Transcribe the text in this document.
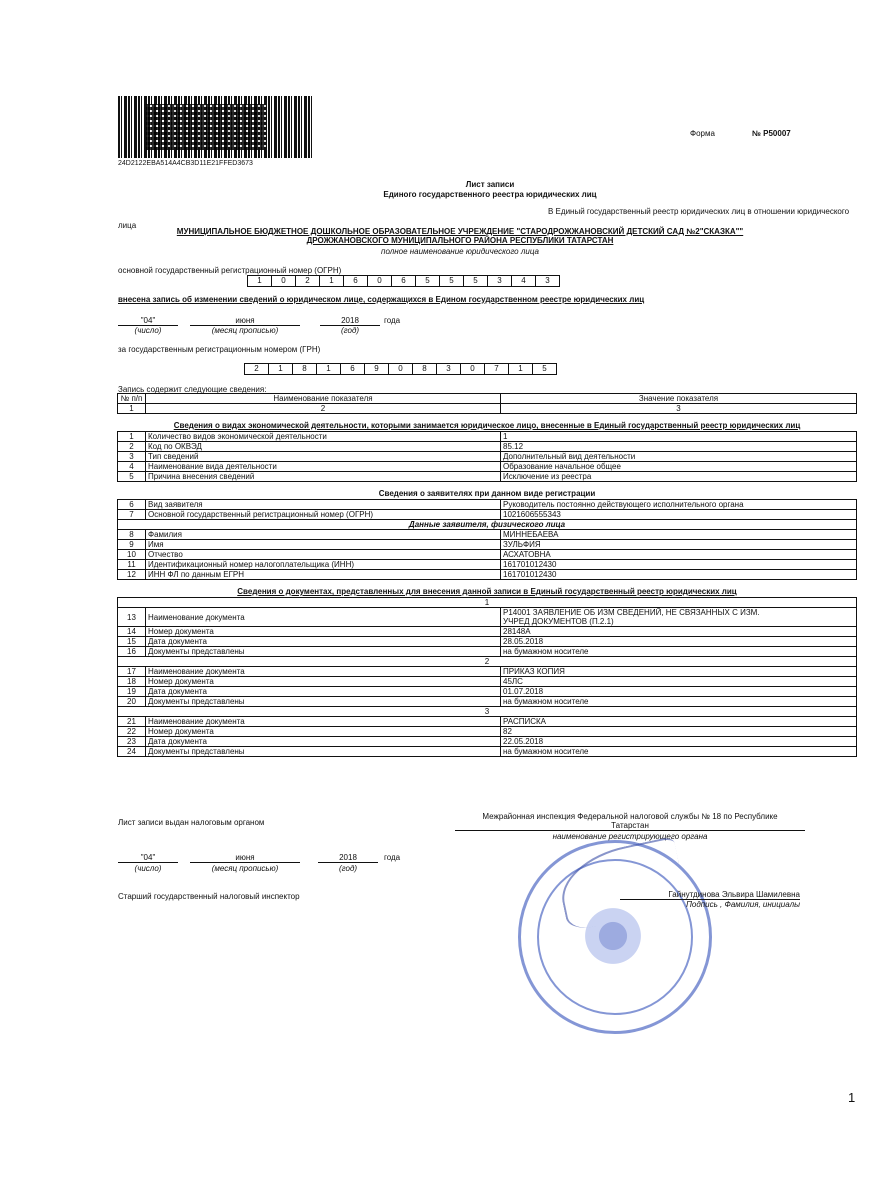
24D2122EBA514A4CB3D11E21FFED3673
Форма	№ Р50007
Лист записи
Единого государственного реестра юридических лиц
В Единый государственный реестр юридических лиц в отношении юридического
лица
МУНИЦИПАЛЬНОЕ БЮДЖЕТНОЕ ДОШКОЛЬНОЕ ОБРАЗОВАТЕЛЬНОЕ УЧРЕЖДЕНИЕ "СТАРОДРОЖЖАНОВСКИЙ ДЕТСКИЙ САД №2"СКАЗКА""
ДРОЖЖАНОВСКОГО МУНИЦИПАЛЬНОГО РАЙОНА РЕСПУБЛИКИ ТАТАРСТАН
полное наименование юридического лица
основной государственный регистрационный номер (ОГРН)
1	0	2	1	6	0	6	5	5	5	3	4	3
внесена запись об изменении сведений о юридическом лице, содержащихся в Едином государственном реестре юридических лиц
"04"	июня	2018	года
(число)	(месяц прописью)	(год)
за государственным регистрационным номером (ГРН)
2	1	8	1	6	9	0	8	3	0	7	1	5
Запись содержит следующие сведения:
№ п/п	Наименование показателя	Значение показателя
1	2	3
Сведения о видах экономической деятельности, которыми занимается юридическое лицо, внесенные в Единый государственный реестр юридических лиц		
1	Количество видов экономической деятельности	1
2	Код по ОКВЭД	85.12
3	Тип сведений	Дополнительный вид деятельности
4	Наименование вида деятельности	Образование начальное общее
5	Причина внесения сведений	Исключение из реестра
Сведения о заявителях при данном виде регистрации		
6	Вид заявителя	Руководитель постоянно действующего исполнительного органа
7	Основной государственный регистрационный номер (ОГРН)	1021606555343
Данные заявителя, физического лица		
8	Фамилия	МИННЕБАЕВА
9	Имя	ЗУЛЬФИЯ
10	Отчество	АСХАТОВНА
11	Идентификационный номер налогоплательщика (ИНН)	161701012430
12	ИНН ФЛ по данным ЕГРН	161701012430
Сведения о документах, представленных для внесения данной записи в Единый государственный реестр юридических лиц		
1		
13	Наименование документа	Р14001 ЗАЯВЛЕНИЕ ОБ ИЗМ СВЕДЕНИЙ, НЕ СВЯЗАННЫХ С ИЗМ.
УЧРЕД ДОКУМЕНТОВ (П.2.1)

14	Номер документа	28148А
15	Дата документа	28.05.2018
16	Документы представлены	на бумажном носителе
2		
17	Наименование документа	ПРИКАЗ КОПИЯ
18	Номер документа	45ЛС
19	Дата документа	01.07.2018
20	Документы представлены	на бумажном носителе
3		
21	Наименование документа	РАСПИСКА
22	Номер документа	82
23	Дата документа	22.05.2018
24	Документы представлены	на бумажном носителе
Лист записи выдан налоговым органом
Межрайонная инспекция Федеральной налоговой службы № 18 по Республике
Татарстан
наименование регистрирующего органа
"04"	июня	2018	года
(число)	(месяц прописью)	(год)
Старший государственный налоговый инспектор	Гайнутдинова Эльвира Шамилевна
Подпись , Фамилия, инициалы
1
